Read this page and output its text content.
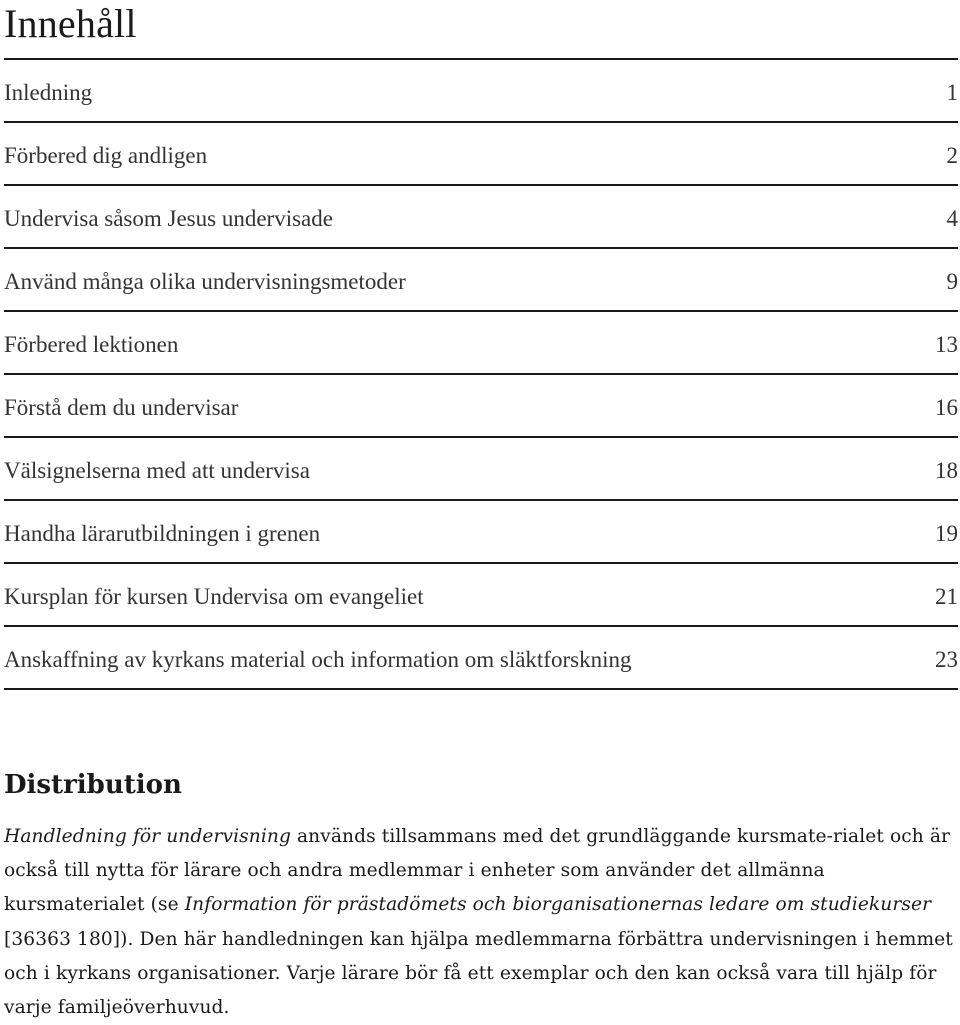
Innehåll
Inledning	1
Förbered dig andligen	2
Undervisa såsom Jesus undervisade	4
Använd många olika undervisningsmetoder	9
Förbered lektionen	13
Förstå dem du undervisar	16
Välsignelserna med att undervisa	18
Handha lärarutbildningen i grenen	19
Kursplan för kursen Undervisa om evangeliet	21
Anskaffning av kyrkans material och information om släktforskning	23
Distribution

Handledning för undervisning används tillsammans med det grundläggande kursmate-rialet och är också till nytta för lärare och andra medlemmar i enheter som använder det allmänna kursmaterialet (se Information för prästadömets och biorganisationernas ledare om studiekurser [36363 180]). Den här handledningen kan hjälpa medlemmarna förbättra undervisningen i hemmet och i kyrkans organisationer. Varje lärare bör få ett exemplar och den kan också vara till hjälp för varje familjeöverhuvud.
